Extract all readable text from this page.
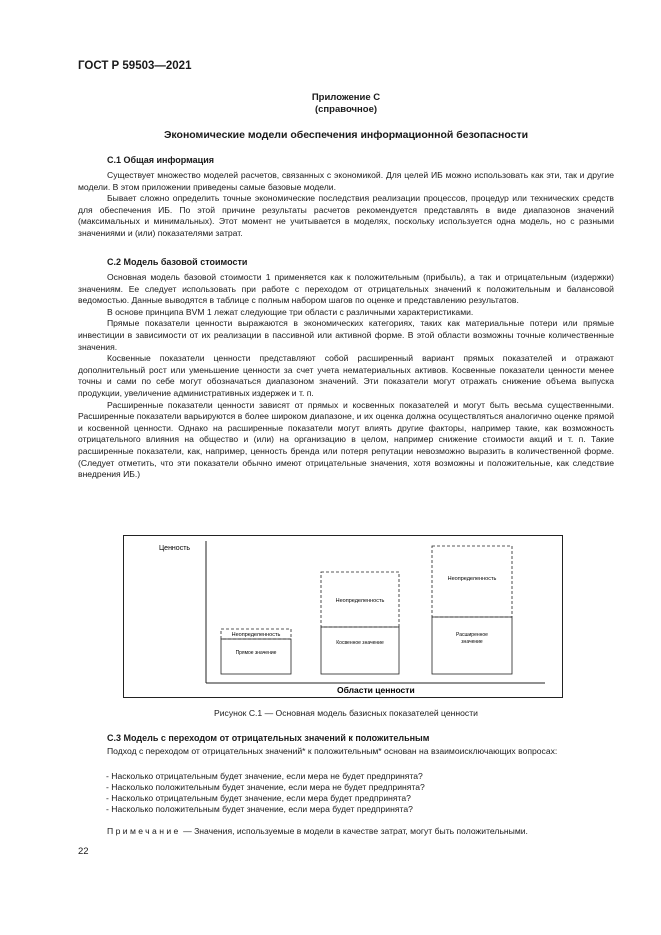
ГОСТ Р 59503—2021
Приложение С
(справочное)
Экономические модели обеспечения информационной безопасности
С.1 Общая информация

Существует множество моделей расчетов, связанных с экономикой. Для целей ИБ можно использовать как эти, так и другие модели. В этом приложении приведены самые базовые модели.

Бывает сложно определить точные экономические последствия реализации процессов, процедур или технических средств для обеспечения ИБ. По этой причине результаты расчетов рекомендуется представлять в виде диапазонов значений (максимальных и минимальных). Этот момент не учитывается в моделях, поскольку используется одна модель, но с разными значениями и (или) показателями затрат.

С.2 Модель базовой стоимости

Основная модель базовой стоимости 1 применяется как к положительным (прибыль), а так и отрицательным (издержки) значениям. Ее следует использовать при работе с переходом от отрицательных значений к положительным и балансовой ведомостью. Данные выводятся в таблице с полным набором шагов по оценке и представлению результатов.

В основе принципа BVM 1 лежат следующие три области с различными характеристиками.

Прямые показатели ценности выражаются в экономических категориях, таких как материальные потери или прямые инвестиции в зависимости от их реализации в пассивной или активной форме. В этой области возможны точные количественные значения.

Косвенные показатели ценности представляют собой расширенный вариант прямых показателей и отражают дополнительный рост или уменьшение ценности за счет учета нематериальных активов. Косвенные показатели ценности менее точны и сами по себе могут обозначаться диапазоном значений. Эти показатели могут отражать снижение объема выпуска продукции, увеличение административных издержек и т. п.

Расширенные показатели ценности зависят от прямых и косвенных показателей и могут быть весьма существенными. Расширенные показатели варьируются в более широком диапазоне, и их оценка должна осуществляться аналогично оценке прямой и косвенной ценности. Однако на расширенные показатели могут влиять другие факторы, например такие, как возможность отрицательного влияния на общество и (или) на организацию в целом, например снижение стоимости акций и т. п. Такие расширенные показатели, как, например, ценность бренда или потеря репутации невозможно выразить в количественной форме. (Следует отметить, что эти показатели обычно имеют отрицательные значения, хотя возможны и положительные, как следствие внедрения ИБ.)

Ценность
Области ценности
Неопределенность
Прямое значение
Неопределенность
Косвенное значение
Неопределенность
Расширенное
значение
Рисунок С.1 — Основная модель базисных показателей ценности
С.3 Модель с переходом от отрицательных значений к положительным

Подход с переходом от отрицательных значений* к положительным* основан на взаимоисключающих вопросах:

- Насколько отрицательным будет значение, если мера не будет предпринята?
- Насколько положительным будет значение, если мера не будет предпринята?
- Насколько отрицательным будет значение, если мера будет предпринята?
- Насколько положительным будет значение, если мера будет предпринята?
Примечание — Значения, используемые в модели в качестве затрат, могут быть положительными.
22
